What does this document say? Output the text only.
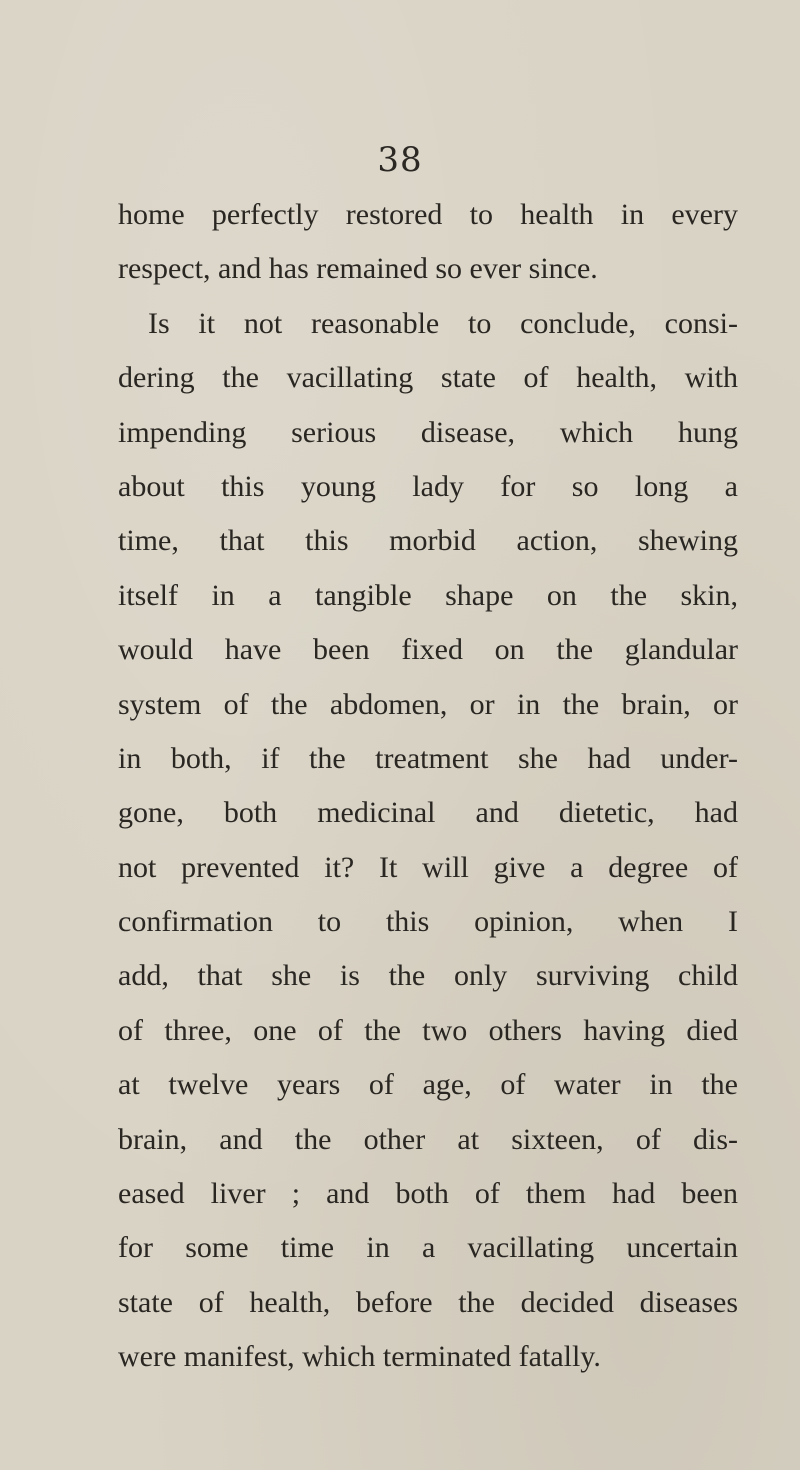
38
home perfectly restored to health in every
respect, and has remained so ever since.
Is it not reasonable to conclude, consi-
dering the vacillating state of health, with
impending serious disease, which hung
about this young lady for so long a
time, that this morbid action, shewing
itself in a tangible shape on the skin,
would have been fixed on the glandular
system of the abdomen, or in the brain, or
in both, if the treatment she had under-
gone, both medicinal and dietetic, had
not prevented it? It will give a degree of
confirmation to this opinion, when I
add, that she is the only surviving child
of three, one of the two others having died
at twelve years of age, of water in the
brain, and the other at sixteen, of dis-
eased liver ; and both of them had been
for some time in a vacillating uncertain
state of health, before the decided diseases
were manifest, which terminated fatally.
